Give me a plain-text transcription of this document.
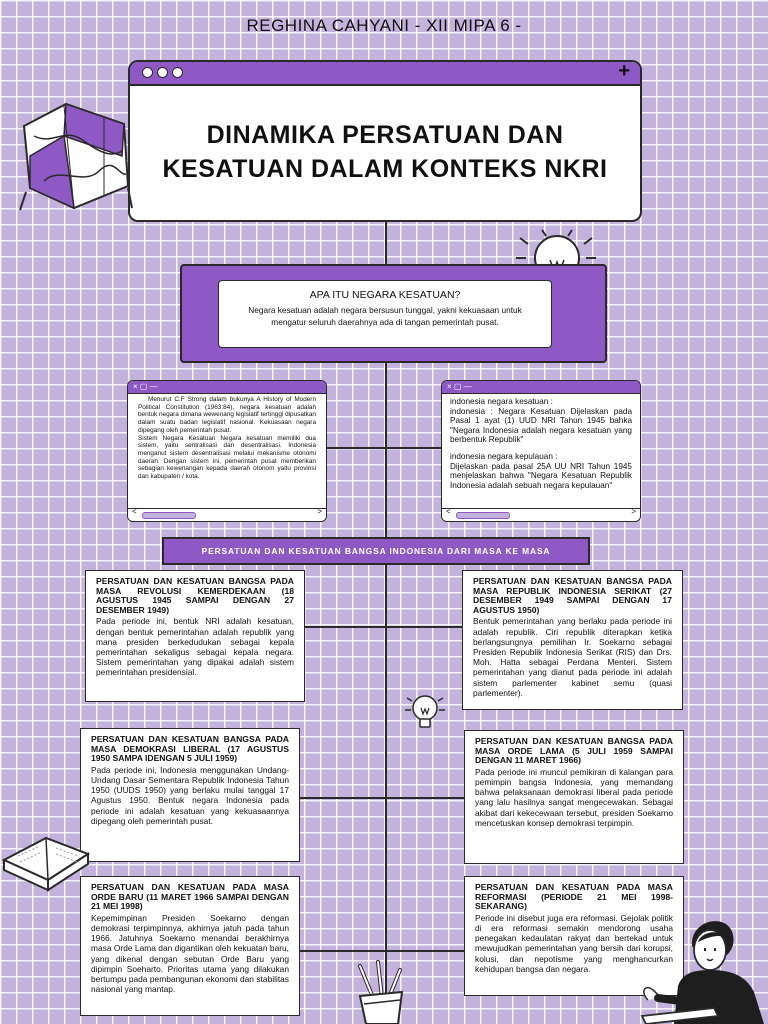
REGHINA CAHYANI - XII MIPA 6 -
+
DINAMIKA PERSATUAN DAN
KESATUAN DALAM KONTEKS NKRI
APA ITU NEGARA KESATUAN?
Negara kesatuan adalah negara bersusun tunggal, yakni kekuasaan untuk mengatur seluruh daerahnya ada di tangan pemerintah pusat.
× ▢ —
Menurut C.F Strong dalam bukunya A History of Modern Political Constitution (1963:84), negara kesatuan adalah bentuk negara dimana wewenang legislatif tertinggi dipusatkan dalam suatu badan legislatif nasional. Kekuasaan negara dipegang oleh pemerintah pusat.
Sistem Negara Kesatuan Negara kesatuan memiliki dua sistem, yaitu sentralisasi dan desentralisasi. Indonesia menganut sistem desentralisasi melalui mekanisme otonomi daerah. Dengan sistem ini, pemerintah pusat memberikan sebagian kewenangan kepada daerah otonom yaitu provinsi dan kabupaten / kota.
<	>
× ▢ —
indonesia negara kesatuan :
indonesia : Negara Kesatuan Dijelaskan pada Pasal 1 ayat (1) UUD NRI Tahun 1945 bahka "Negara Indonesia adalah negara kesatuan yang berbentuk Republik"
indonesia negara kepulauan :
Dijelaskan pada pasal 25A UU NRI Tahun 1945 menjelaskan bahwa "Negara Kesatuan Republik Indonesia adalah sebuah negara kepulauan"
<	>
PERSATUAN DAN KESATUAN BANGSA INDONESIA DARI MASA KE MASA
PERSATUAN DAN KESATUAN BANGSA PADA MASA REVOLUSI KEMERDEKAAN (18 AGUSTUS 1945 SAMPAI DENGAN 27 DESEMBER 1949)
Pada periode ini, bentuk NRI adalah kesatuan, dengan bentuk pemerintahan adalah republik yang mana presiden berkedudukan sebagai kepala pemerintahan sekaligus sebagai kepala negara. Sistem pemerintahan yang dipakai adalah sistem pemerintahan presidensial.
PERSATUAN DAN KESATUAN BANGSA PADA MASA REPUBLIK INDONESIA SERIKAT (27 DESEMBER 1949 SAMPAI DENGAN 17 AGUSTUS 1950)
Bentuk pemerintahan yang berlaku pada periode ini adalah republik. Ciri republik diterapkan ketika berlangsungnya pemilihan Ir. Soekarno sebagai Presiden Republik Indonesia Serikat (RIS) dan Drs. Moh. Hatta sebagai Perdana Menteri. Sistem pemerintahan yang dianut pada periode ini adalah sistem parlementer kabinet semu (quasi parlementer).
PERSATUAN DAN KESATUAN BANGSA PADA MASA DEMOKRASI LIBERAL (17 AGUSTUS 1950 SAMPA IDENGAN 5 JULI 1959)
Pada periode ini, Indonesia menggunakan Undang-Undang Dasar Sementara Republik Indonesia Tahun 1950 (UUDS 1950) yang berlaku mulai tanggal 17 Agustus 1950. Bentuk negara Indonesia pada periode ini adalah kesatuan yang kekuasaannya dipegang oleh pemerintah pusat.
PERSATUAN DAN KESATUAN BANGSA PADA MASA ORDE LAMA (5 JULI 1959 SAMPAI DENGAN 11 MARET 1966)
Pada periode ini muncul pemikiran di kalangan para pemimpin bangsa Indonesia, yang memandang bahwa pelaksanaan demokrasi liberal pada periode yang lalu hasilnya sangat mengecewakan. Sebagai akibat dari kekecewaan tersebut, presiden Soekarno mencetuskan konsep demokrasi terpimpin.
PERSATUAN DAN KESATUAN PADA MASA ORDE BARU (11 MARET 1966 SAMPAI DENGAN 21 MEI 1998)
Kepemimpinan Presiden Soekarno dengan demokrasi terpimpinnya, akhirnya jatuh pada tahun 1966. Jatuhnya Soekarno menandai berakhirnya masa Orde Lama dan digantikan oleh kekuatan baru, yang dikenal dengan sebutan Orde Baru yang dipimpin Soeharto. Prioritas utama yang dilakukan bertumpu pada pembangunan ekonomi dan stabilitas nasional yang mantap.
PERSATUAN DAN KESATUAN PADA MASA REFORMASI (PERIODE 21 MEI 1998-SEKARANG)
Periode ini disebut juga era reformasi. Gejolak politik di era reformasi semakin mendorong usaha penegakan kedaulatan rakyat dan bertekad untuk mewujudkan pemerintahan yang bersih dari korupsi, kolusi, dan nepotisme yang menghancurkan kehidupan bangsa dan negara.
